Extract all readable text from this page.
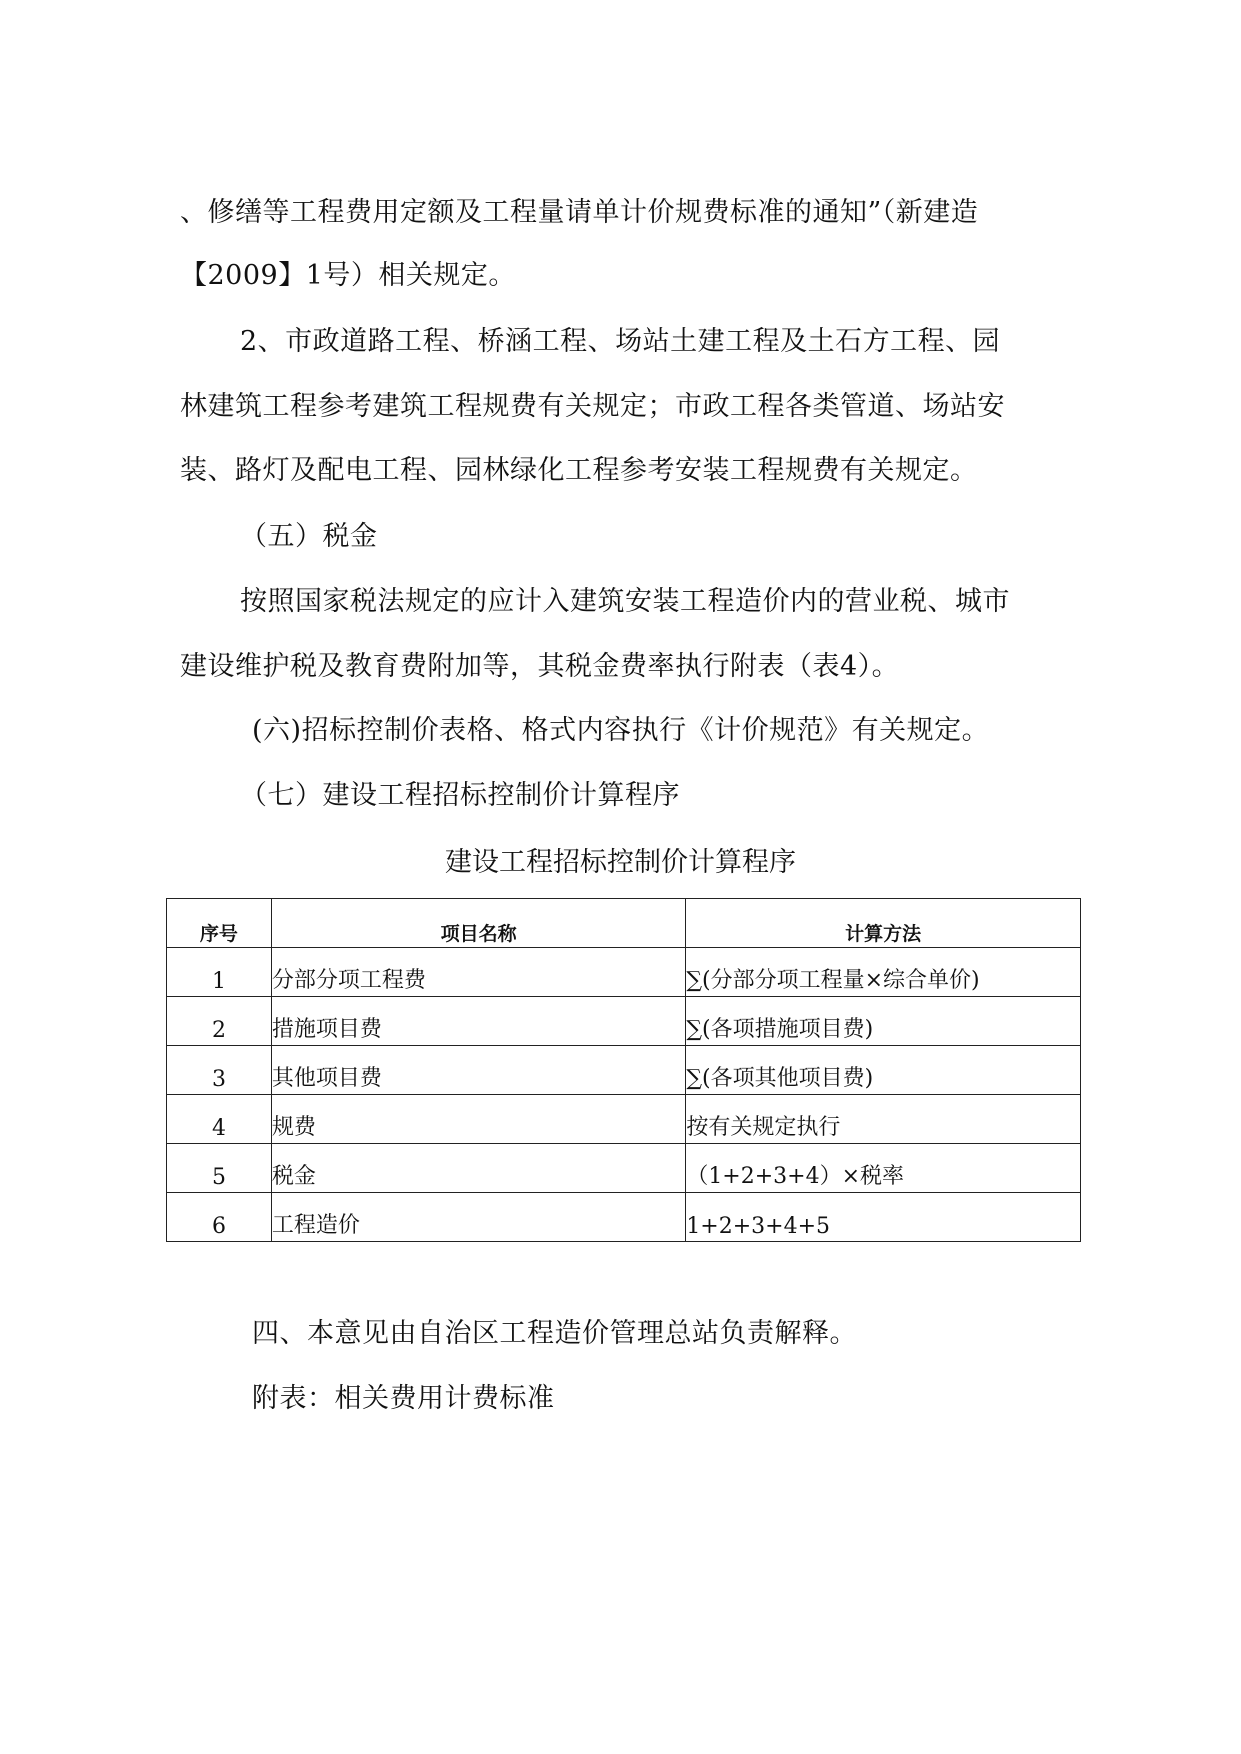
、修缮等工程费用定额及工程量请单计价规费标准的通知”（新建造
【2009】1号）相关规定。
2、市政道路工程、桥涵工程、场站土建工程及土石方工程、园
林建筑工程参考建筑工程规费有关规定；市政工程各类管道、场站安
装、路灯及配电工程、园林绿化工程参考安装工程规费有关规定。
（五）税金
按照国家税法规定的应计入建筑安装工程造价内的营业税、城市
建设维护税及教育费附加等，其税金费率执行附表（表4）。
(六)招标控制价表格、格式内容执行《计价规范》有关规定。
（七）建设工程招标控制价计算程序
建设工程招标控制价计算程序
序号	项目名称	计算方法
1	分部分项工程费	∑(分部分项工程量×综合单价)
2	措施项目费	∑(各项措施项目费)
3	其他项目费	∑(各项其他项目费)
4	规费	按有关规定执行
5	税金	（1+2+3+4）×税率
6	工程造价	1+2+3+4+5
四、本意见由自治区工程造价管理总站负责解释。
附表：相关费用计费标准
